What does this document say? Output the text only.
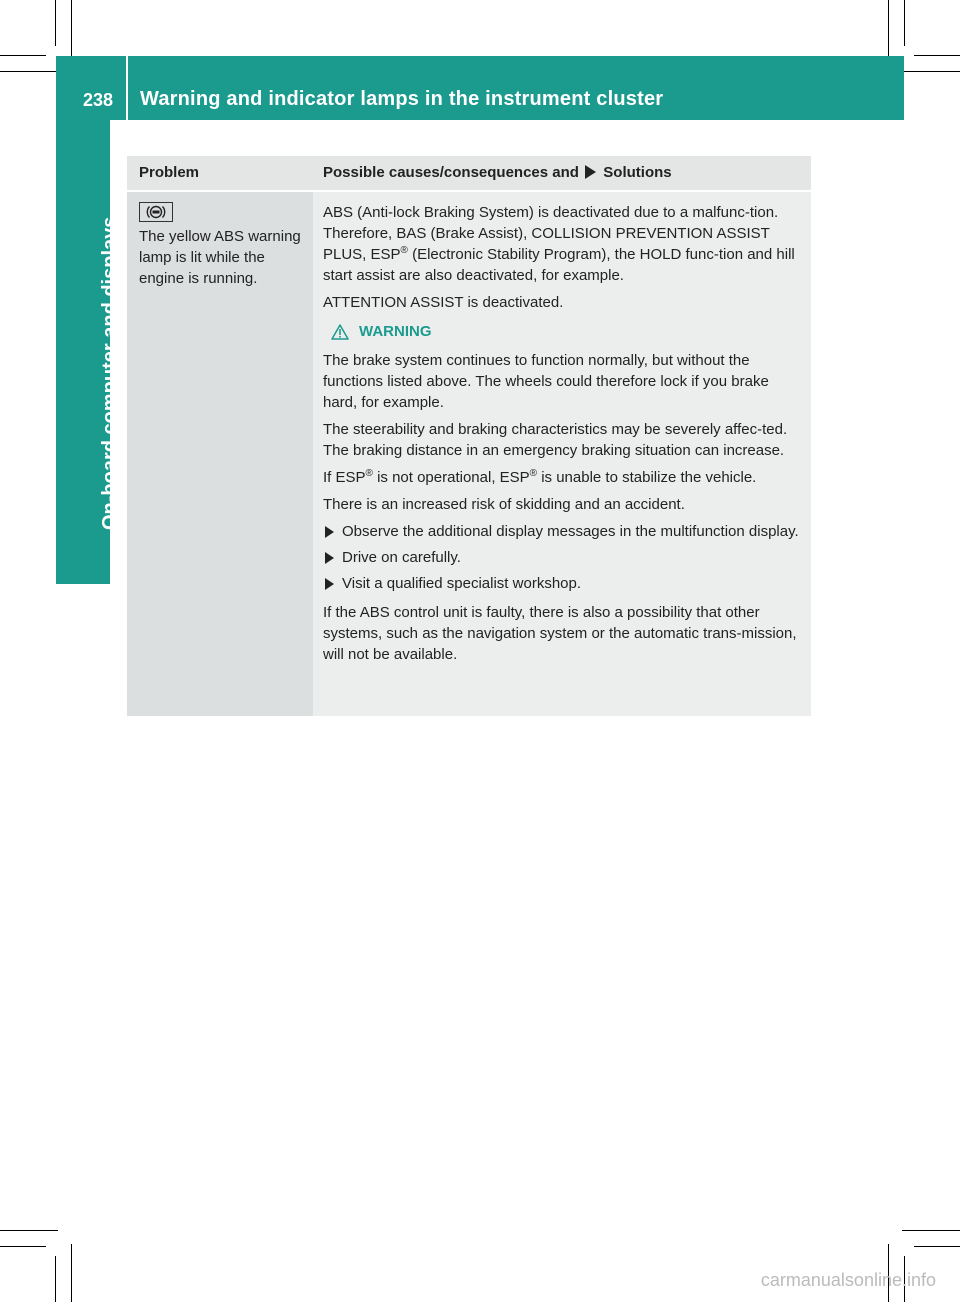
238 Warning and indicator lamps in the instrument cluster
On-board computer and displays
Problem	Possible causes/consequences and Solutions
The yellow ABS warning lamp is lit while the engine is running.

ABS (Anti-lock Braking System) is deactivated due to a malfunc-tion. Therefore, BAS (Brake Assist), COLLISION PREVENTION ASSIST PLUS, ESP® (Electronic Stability Program), the HOLD func-tion and hill start assist are also deactivated, for example.

ATTENTION ASSIST is deactivated.

WARNING

The brake system continues to function normally, but without the functions listed above. The wheels could therefore lock if you brake hard, for example.

The steerability and braking characteristics may be severely affec-ted. The braking distance in an emergency braking situation can increase.

If ESP® is not operational, ESP® is unable to stabilize the vehicle.

There is an increased risk of skidding and an accident.

Observe the additional display messages in the multifunction display.
Drive on carefully.
Visit a qualified specialist workshop.

If the ABS control unit is faulty, there is also a possibility that other systems, such as the navigation system or the automatic trans-mission, will not be available.

carmanualsonline.info
